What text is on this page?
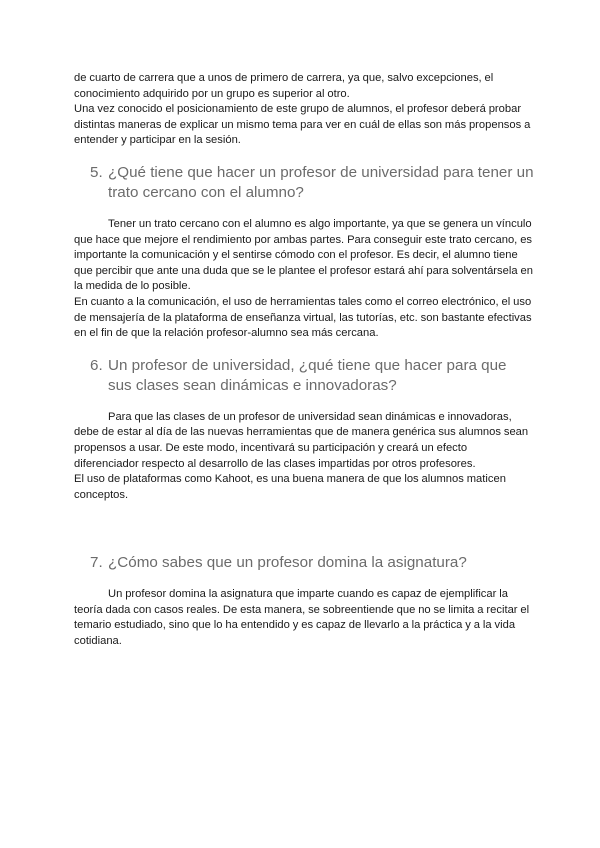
de cuarto de carrera que a unos de primero de carrera, ya que, salvo excepciones, el conocimiento adquirido por un grupo es superior al otro.

Una vez conocido el posicionamiento de este grupo de alumnos, el profesor deberá probar distintas maneras de explicar un mismo tema para ver en cuál de ellas son más propensos a entender y participar en la sesión.

5. ¿Qué tiene que hacer un profesor de universidad para tener un trato cercano con el alumno?

Tener un trato cercano con el alumno es algo importante, ya que se genera un vínculo que hace que mejore el rendimiento por ambas partes. Para conseguir este trato cercano, es importante la comunicación y el sentirse cómodo con el profesor. Es decir, el alumno tiene que percibir que ante una duda que se le plantee el profesor estará ahí para solventársela en la medida de lo posible.

En cuanto a la comunicación, el uso de herramientas tales como el correo electrónico, el uso de mensajería de la plataforma de enseñanza virtual, las tutorías, etc. son bastante efectivas en el fin de que la relación profesor-alumno sea más cercana.

6. Un profesor de universidad, ¿qué tiene que hacer para que sus clases sean dinámicas e innovadoras?

Para que las clases de un profesor de universidad sean dinámicas e innovadoras, debe de estar al día de las nuevas herramientas que de manera genérica sus alumnos sean propensos a usar. De este modo, incentivará su participación y creará un efecto diferenciador respecto al desarrollo de las clases impartidas por otros profesores.

El uso de plataformas como Kahoot, es una buena manera de que los alumnos maticen conceptos.

7. ¿Cómo sabes que un profesor domina la asignatura?

Un profesor domina la asignatura que imparte cuando es capaz de ejemplificar la teoría dada con casos reales. De esta manera, se sobreentiende que no se limita a recitar el temario estudiado, sino que lo ha entendido y es capaz de llevarlo a la práctica y a la vida cotidiana.
